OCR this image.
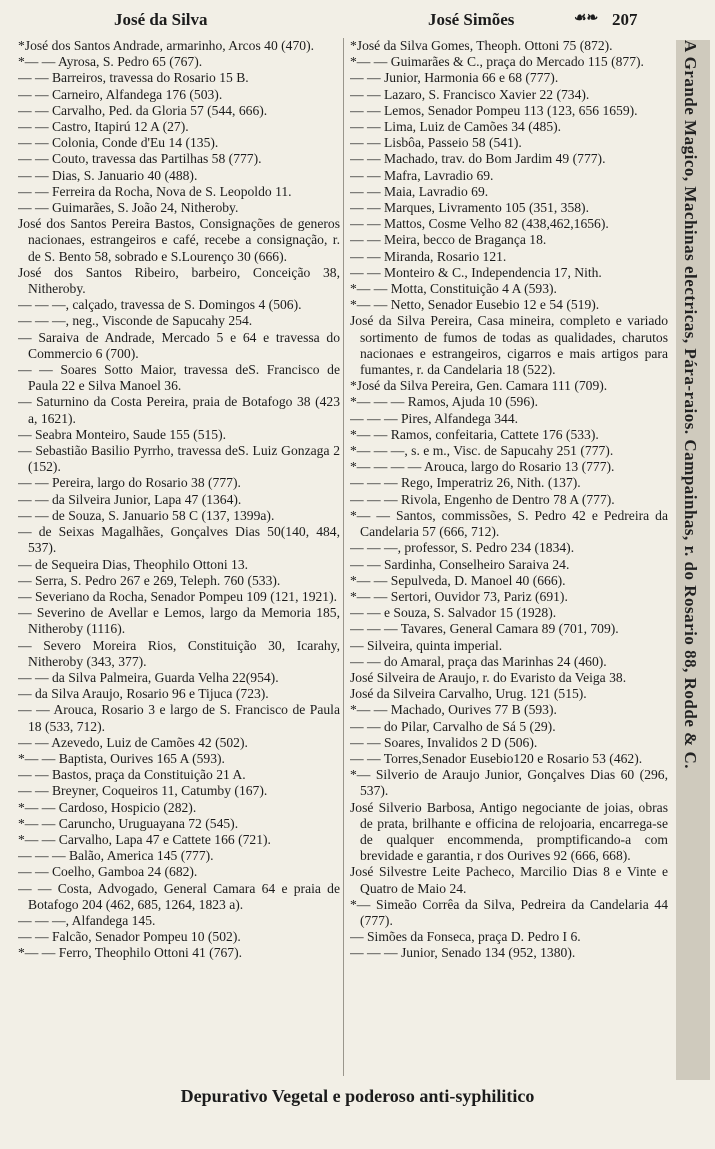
José da Silva	José Simões	☙❧ 207

*José dos Santos Andrade, armarinho, Arcos 40 (470).

*— — Ayrosa, S. Pedro 65 (767).

— — Barreiros, travessa do Rosario 15 B.

— — Carneiro, Alfandega 176 (503).

— — Carvalho, Ped. da Gloria 57 (544, 666).

— — Castro, Itapirú 12 A (27).

— — Colonia, Conde d'Eu 14 (135).

— — Couto, travessa das Partilhas 58 (777).

— — Dias, S. Januario 40 (488).

— — Ferreira da Rocha, Nova de S. Leopoldo 11.

— — Guimarães, S. João 24, Nitheroby.

José dos Santos Pereira Bastos, Consignações de generos nacionaes, estrangeiros e café, recebe a consignação, r. de S. Bento 58, sobrado e S.Lourenço 30 (666).

José dos Santos Ribeiro, barbeiro, Conceição 38, Nitheroby.

— — —, calçado, travessa de S. Domingos 4 (506).

— — —, neg., Visconde de Sapucahy 254.

— Saraiva de Andrade, Mercado 5 e 64 e travessa do Commercio 6 (700).

— — Soares Sotto Maior, travessa deS. Francisco de Paula 22 e Silva Manoel 36.

— Saturnino da Costa Pereira, praia de Botafogo 38 (423 a, 1621).

— Seabra Monteiro, Saude 155 (515).

— Sebastião Basilio Pyrrho, travessa deS. Luiz Gonzaga 2 (152).

— — Pereira, largo do Rosario 38 (777).

— — da Silveira Junior, Lapa 47 (1364).

— — de Souza, S. Januario 58 C (137, 1399a).

— de Seixas Magalhães, Gonçalves Dias 50(140, 484, 537).

— de Sequeira Dias, Theophilo Ottoni 13.

— Serra, S. Pedro 267 e 269, Teleph. 760 (533).

— Severiano da Rocha, Senador Pompeu 109 (121, 1921).

— Severino de Avellar e Lemos, largo da Memoria 185, Nitheroby (1116).

— Severo Moreira Rios, Constituição 30, Icarahy, Nitheroby (343, 377).

— — da Silva Palmeira, Guarda Velha 22(954).

— da Silva Araujo, Rosario 96 e Tijuca (723).

— — Arouca, Rosario 3 e largo de S. Francisco de Paula 18 (533, 712).

— — Azevedo, Luiz de Camões 42 (502).

*— — Baptista, Ourives 165 A (593).

— — Bastos, praça da Constituição 21 A.

— — Breyner, Coqueiros 11, Catumby (167).

*— — Cardoso, Hospicio (282).

*— — Caruncho, Uruguayana 72 (545).

*— — Carvalho, Lapa 47 e Cattete 166 (721).

— — — Balão, America 145 (777).

— — Coelho, Gamboa 24 (682).

— — Costa, Advogado, General Camara 64 e praia de Botafogo 204 (462, 685, 1264, 1823 a).

— — —, Alfandega 145.

— — Falcão, Senador Pompeu 10 (502).

*— — Ferro, Theophilo Ottoni 41 (767).

*José da Silva Gomes, Theoph. Ottoni 75 (872).

*— — Guimarães & C., praça do Mercado 115 (877).

— — Junior, Harmonia 66 e 68 (777).

— — Lazaro, S. Francisco Xavier 22 (734).

— — Lemos, Senador Pompeu 113 (123, 656 1659).

— — Lima, Luiz de Camões 34 (485).

— — Lisbôa, Passeio 58 (541).

— — Machado, trav. do Bom Jardim 49 (777).

— — Mafra, Lavradio 69.

— — Maia, Lavradio 69.

— — Marques, Livramento 105 (351, 358).

— — Mattos, Cosme Velho 82 (438,462,1656).

— — Meira, becco de Bragança 18.

— — Miranda, Rosario 121.

— — Monteiro & C., Independencia 17, Nith.

*— — Motta, Constituição 4 A (593).

*— — Netto, Senador Eusebio 12 e 54 (519).

José da Silva Pereira, Casa mineira, completo e variado sortimento de fumos de todas as qualidades, charutos nacionaes e estrangeiros, cigarros e mais artigos para fumantes, r. da Candelaria 18 (522).

*José da Silva Pereira, Gen. Camara 111 (709).

*— — — Ramos, Ajuda 10 (596).

— — — Pires, Alfandega 344.

*— — Ramos, confeitaria, Cattete 176 (533).

*— — —, s. e m., Visc. de Sapucahy 251 (777).

*— — — — Arouca, largo do Rosario 13 (777).

— — — Rego, Imperatriz 26, Nith. (137).

— — — Rivola, Engenho de Dentro 78 A (777).

*— — Santos, commissões, S. Pedro 42 e Pedreira da Candelaria 57 (666, 712).

— — —, professor, S. Pedro 234 (1834).

— — Sardinha, Conselheiro Saraiva 24.

*— — Sepulveda, D. Manoel 40 (666).

*— — Sertori, Ouvidor 73, Pariz (691).

— — e Souza, S. Salvador 15 (1928).

— — — Tavares, General Camara 89 (701, 709).

— Silveira, quinta imperial.

— — do Amaral, praça das Marinhas 24 (460).

José Silveira de Araujo, r. do Evaristo da Veiga 38.

José da Silveira Carvalho, Urug. 121 (515).

*— — Machado, Ourives 77 B (593).

— — do Pilar, Carvalho de Sá 5 (29).

— — Soares, Invalidos 2 D (506).

— — Torres,Senador Eusebio120 e Rosario 53 (462).

*— Silverio de Araujo Junior, Gonçalves Dias 60 (296, 537).

José Silverio Barbosa, Antigo negociante de joias, obras de prata, brilhante e officina de relojoaria, encarrega-se de qualquer encommenda, promptificando-a com brevidade e garantia, r dos Ourives 92 (666, 668).

José Silvestre Leite Pacheco, Marcilio Dias 8 e Vinte e Quatro de Maio 24.

*— Simeão Corrêa da Silva, Pedreira da Candelaria 44 (777).

— Simões da Fonseca, praça D. Pedro I 6.

— — — Junior, Senado 134 (952, 1380).

A Grande Magico, Machinas electricas, Pára-raios. Campainhas, r. do Rosario 88, Rodde & C.
Depurativo Vegetal e poderoso anti-syphilitico
